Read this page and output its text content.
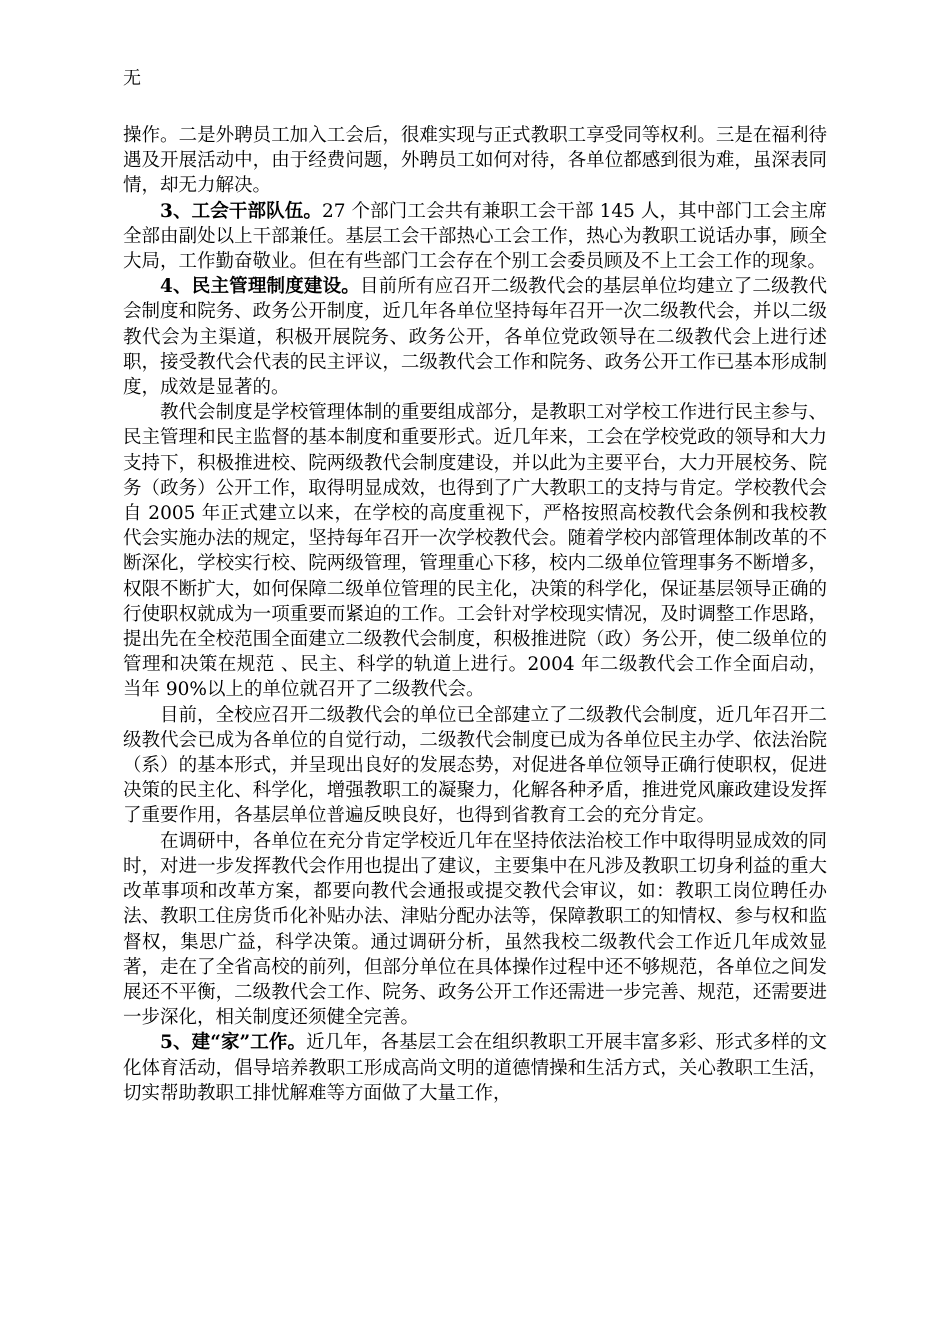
无

操作。二是外聘员工加入工会后，很难实现与正式教职工享受同等权利。三是在福利待遇及开展活动中，由于经费问题，外聘员工如何对待，各单位都感到很为难，虽深表同情，却无力解决。

3、工会干部队伍。27 个部门工会共有兼职工会干部 145 人，其中部门工会主席全部由副处以上干部兼任。基层工会干部热心工会工作，热心为教职工说话办事，顾全大局，工作勤奋敬业。但在有些部门工会存在个别工会委员顾及不上工会工作的现象。

4、民主管理制度建设。目前所有应召开二级教代会的基层单位均建立了二级教代会制度和院务、政务公开制度，近几年各单位坚持每年召开一次二级教代会，并以二级教代会为主渠道，积极开展院务、政务公开，各单位党政领导在二级教代会上进行述职，接受教代会代表的民主评议，二级教代会工作和院务、政务公开工作已基本形成制度，成效是显著的。

教代会制度是学校管理体制的重要组成部分，是教职工对学校工作进行民主参与、民主管理和民主监督的基本制度和重要形式。近几年来，工会在学校党政的领导和大力支持下，积极推进校、院两级教代会制度建设，并以此为主要平台，大力开展校务、院务（政务）公开工作，取得明显成效，也得到了广大教职工的支持与肯定。学校教代会自 2005 年正式建立以来，在学校的高度重视下，严格按照高校教代会条例和我校教代会实施办法的规定，坚持每年召开一次学校教代会。随着学校内部管理体制改革的不断深化，学校实行校、院两级管理，管理重心下移，校内二级单位管理事务不断增多，权限不断扩大，如何保障二级单位管理的民主化，决策的科学化，保证基层领导正确的行使职权就成为一项重要而紧迫的工作。工会针对学校现实情况，及时调整工作思路，提出先在全校范围全面建立二级教代会制度，积极推进院（政）务公开，使二级单位的管理和决策在规范 、民主、科学的轨道上进行。2004 年二级教代会工作全面启动，当年 90%以上的单位就召开了二级教代会。

目前，全校应召开二级教代会的单位已全部建立了二级教代会制度，近几年召开二级教代会已成为各单位的自觉行动，二级教代会制度已成为各单位民主办学、依法治院（系）的基本形式，并呈现出良好的发展态势，对促进各单位领导正确行使职权，促进决策的民主化、科学化，增强教职工的凝聚力，化解各种矛盾，推进党风廉政建设发挥了重要作用，各基层单位普遍反映良好，也得到省教育工会的充分肯定。

在调研中，各单位在充分肯定学校近几年在坚持依法治校工作中取得明显成效的同时，对进一步发挥教代会作用也提出了建议，主要集中在凡涉及教职工切身利益的重大改革事项和改革方案，都要向教代会通报或提交教代会审议，如：教职工岗位聘任办法、教职工住房货币化补贴办法、津贴分配办法等，保障教职工的知情权、参与权和监督权，集思广益，科学决策。通过调研分析，虽然我校二级教代会工作近几年成效显著，走在了全省高校的前列，但部分单位在具体操作过程中还不够规范，各单位之间发展还不平衡，二级教代会工作、院务、政务公开工作还需进一步完善、规范，还需要进一步深化，相关制度还须健全完善。

5、建“家”工作。近几年，各基层工会在组织教职工开展丰富多彩、形式多样的文化体育活动，倡导培养教职工形成高尚文明的道德情操和生活方式，关心教职工生活，切实帮助教职工排忧解难等方面做了大量工作，
